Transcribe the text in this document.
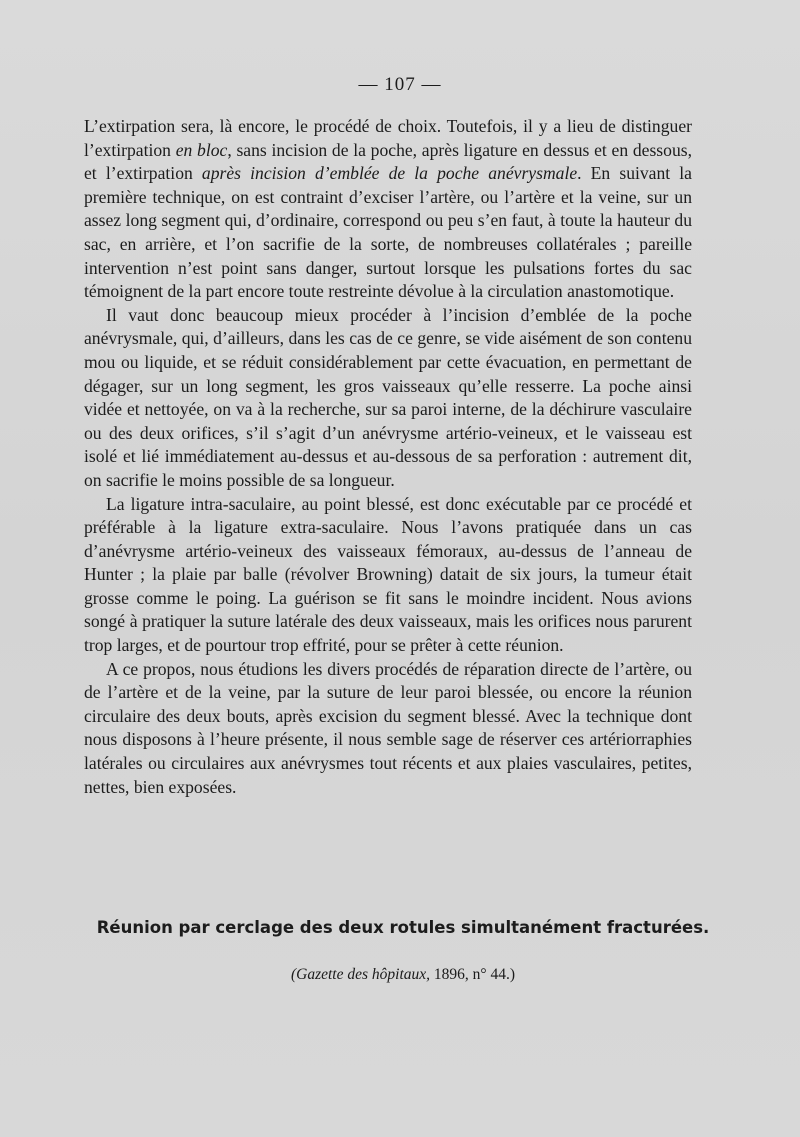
— 107 —

L’extirpation sera, là encore, le procédé de choix. Toutefois, il y a lieu de distinguer l’extirpation en bloc, sans incision de la poche, après ligature en dessus et en dessous, et l’extirpation après incision d’emblée de la poche anévrysmale. En suivant la première technique, on est contraint d’exciser l’artère, ou l’artère et la veine, sur un assez long segment qui, d’ordinaire, correspond ou peu s’en faut, à toute la hauteur du sac, en arrière, et l’on sacrifie de la sorte, de nombreuses collatérales ; pareille intervention n’est point sans danger, surtout lorsque les pulsations fortes du sac témoignent de la part encore toute restreinte dévolue à la circulation anastomotique.

Il vaut donc beaucoup mieux procéder à l’incision d’emblée de la poche anévrysmale, qui, d’ailleurs, dans les cas de ce genre, se vide aisément de son contenu mou ou liquide, et se réduit considérablement par cette évacuation, en permettant de dégager, sur un long segment, les gros vaisseaux qu’elle resserre. La poche ainsi vidée et nettoyée, on va à la recherche, sur sa paroi interne, de la déchirure vasculaire ou des deux orifices, s’il s’agit d’un anévrysme artério-veineux, et le vaisseau est isolé et lié immédiatement au-dessus et au-dessous de sa perforation : autrement dit, on sacrifie le moins possible de sa longueur.

La ligature intra-saculaire, au point blessé, est donc exécutable par ce procédé et préférable à la ligature extra-saculaire. Nous l’avons pratiquée dans un cas d’anévrysme artério-veineux des vaisseaux fémoraux, au-dessus de l’anneau de Hunter ; la plaie par balle (révolver Browning) datait de six jours, la tumeur était grosse comme le poing. La guérison se fit sans le moindre incident. Nous avions songé à pratiquer la suture latérale des deux vaisseaux, mais les orifices nous parurent trop larges, et de pourtour trop effrité, pour se prêter à cette réunion.

A ce propos, nous étudions les divers procédés de réparation directe de l’artère, ou de l’artère et de la veine, par la suture de leur paroi blessée, ou encore la réunion circulaire des deux bouts, après excision du segment blessé. Avec la technique dont nous disposons à l’heure présente, il nous semble sage de réserver ces artériorraphies latérales ou circulaires aux anévrysmes tout récents et aux plaies vasculaires, petites, nettes, bien exposées.

Réunion par cerclage des deux rotules simultanément fracturées.
(Gazette des hôpitaux, 1896, n° 44.)
